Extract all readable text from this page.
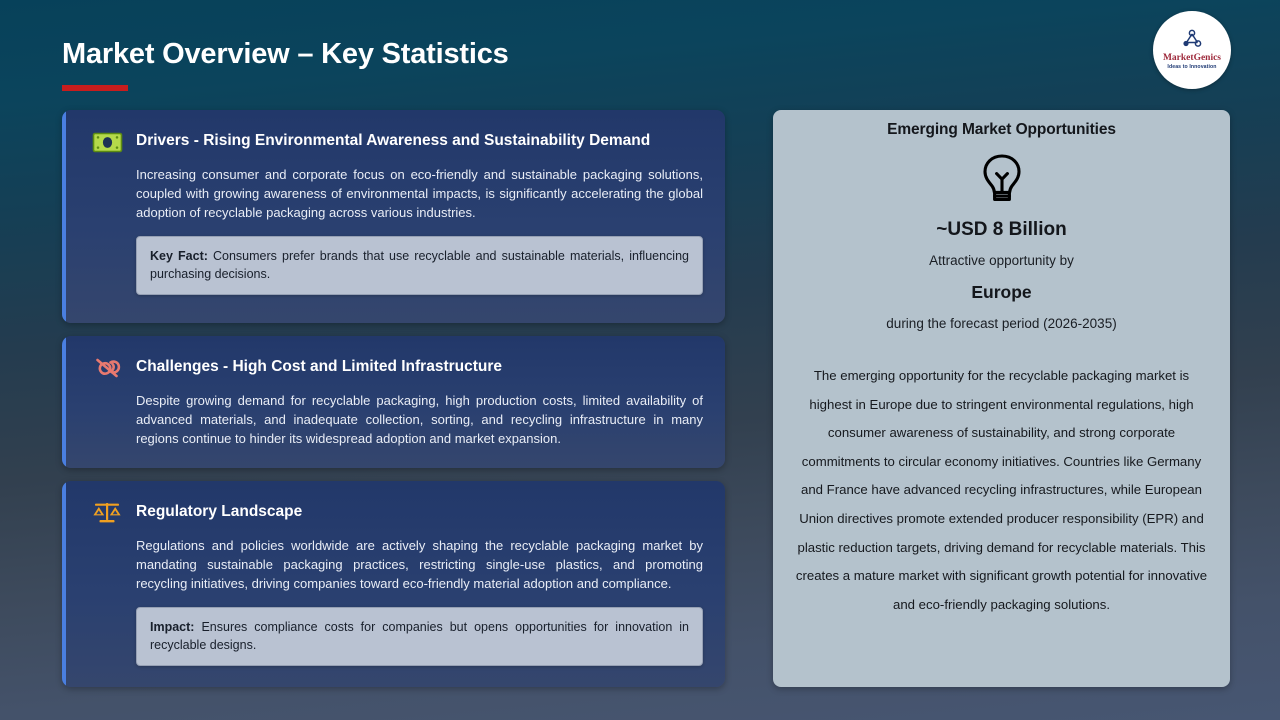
Market Overview – Key Statistics	MarketGenics
Ideas to Innovation
Drivers - Rising Environmental Awareness and Sustainability Demand
Increasing consumer and corporate focus on eco-friendly and sustainable packaging solutions, coupled with growing awareness of environmental impacts, is significantly accelerating the global adoption of recyclable packaging across various industries.
Key Fact: Consumers prefer brands that use recyclable and sustainable materials, influencing purchasing decisions.
Challenges - High Cost and Limited Infrastructure
Despite growing demand for recyclable packaging, high production costs, limited availability of advanced materials, and inadequate collection, sorting, and recycling infrastructure in many regions continue to hinder its widespread adoption and market expansion.
Regulatory Landscape
Regulations and policies worldwide are actively shaping the recyclable packaging market by mandating sustainable packaging practices, restricting single-use plastics, and promoting recycling initiatives, driving companies toward eco-friendly material adoption and compliance.
Impact: Ensures compliance costs for companies but opens opportunities for innovation in recyclable designs.
Emerging Market Opportunities
~USD 8 Billion
Attractive opportunity by
Europe
during the forecast period (2026-2035)
The emerging opportunity for the recyclable packaging market is highest in Europe due to stringent environmental regulations, high consumer awareness of sustainability, and strong corporate commitments to circular economy initiatives. Countries like Germany and France have advanced recycling infrastructures, while European Union directives promote extended producer responsibility (EPR) and plastic reduction targets, driving demand for recyclable materials. This creates a mature market with significant growth potential for innovative and eco-friendly packaging solutions.
